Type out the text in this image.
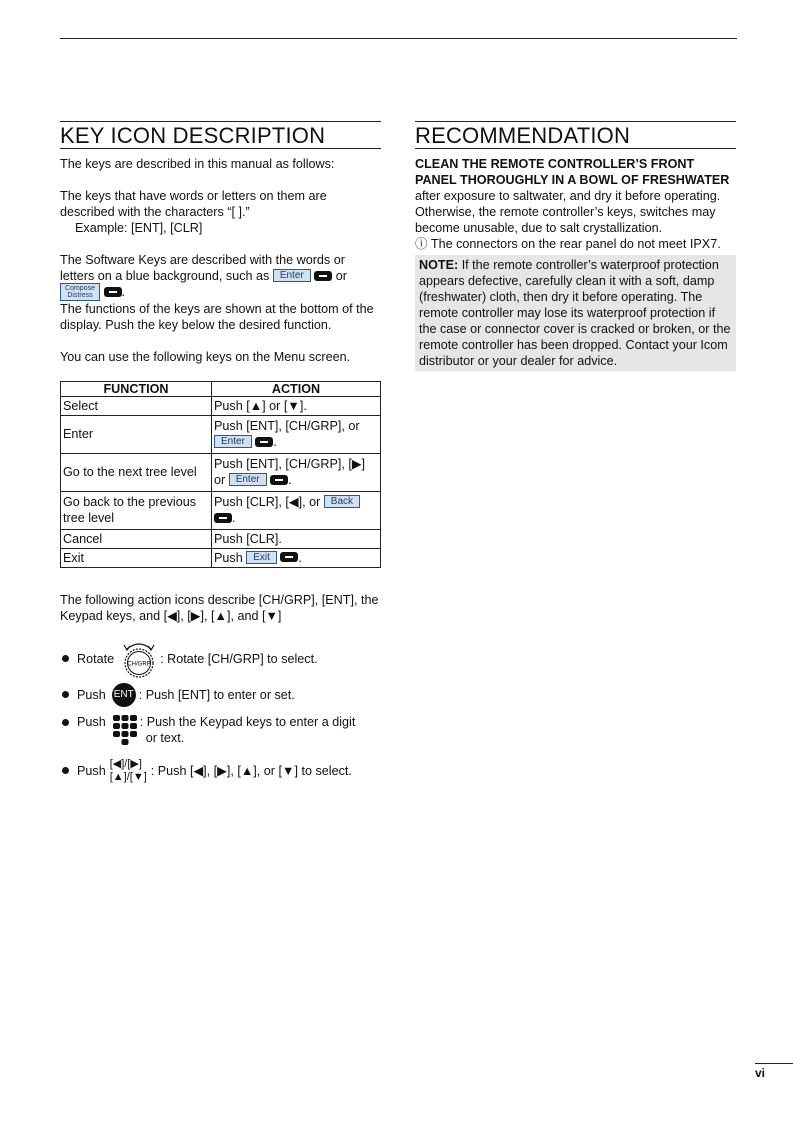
KEY ICON DESCRIPTION

The keys are described in this manual as follows:

The keys that have words or letters on them are described with the characters “[ ].”

Example: [ENT], [CLR]

The Software Keys are described with the words or letters on a blue background, such as Enter	or Compose Distress .

The functions of the keys are shown at the bottom of the display. Push the key below the desired function.

You can use the following keys on the Menu screen.

FUNCTION	ACTION
Select	Push [▲] or [▼].
Enter	Push [ENT], [CH/GRP], or
Enter .
Go to the next tree level	Push [ENT], [CH/GRP], [▶] or Enter .
Go back to the previous tree level	Push [CLR], [◀], or Back .
Cancel	Push [CLR].
Exit	Push Exit .

The following action icons describe [CH/GRP], [ENT], the Keypad keys, and [◀], [▶], [▲], and [▼]

Rotate CH/GRP : Rotate [CH/GRP] to select.
Push ENT : Push [ENT] to enter or set.
Push	: Push the Keypad keys to enter a digit
or text.
Push [◀]/[▶]
[▲]/[▼] : Push [◀], [▶], [▲], or [▼] to select.
RECOMMENDATION

CLEAN THE REMOTE CONTROLLER’S FRONT PANEL THOROUGHLY IN A BOWL OF FRESHWATER after exposure to saltwater, and dry it before operating. Otherwise, the remote controller’s keys, switches may become unusable, due to salt crystallization.

ⓘ The connectors on the rear panel do not meet IPX7.

NOTE: If the remote controller’s waterproof protection appears defective, carefully clean it with a soft, damp (freshwater) cloth, then dry it before operating. The remote controller may lose its waterproof protection if the case or connector cover is cracked or broken, or the remote controller has been dropped. Contact your Icom distributor or your dealer for advice.
vi
